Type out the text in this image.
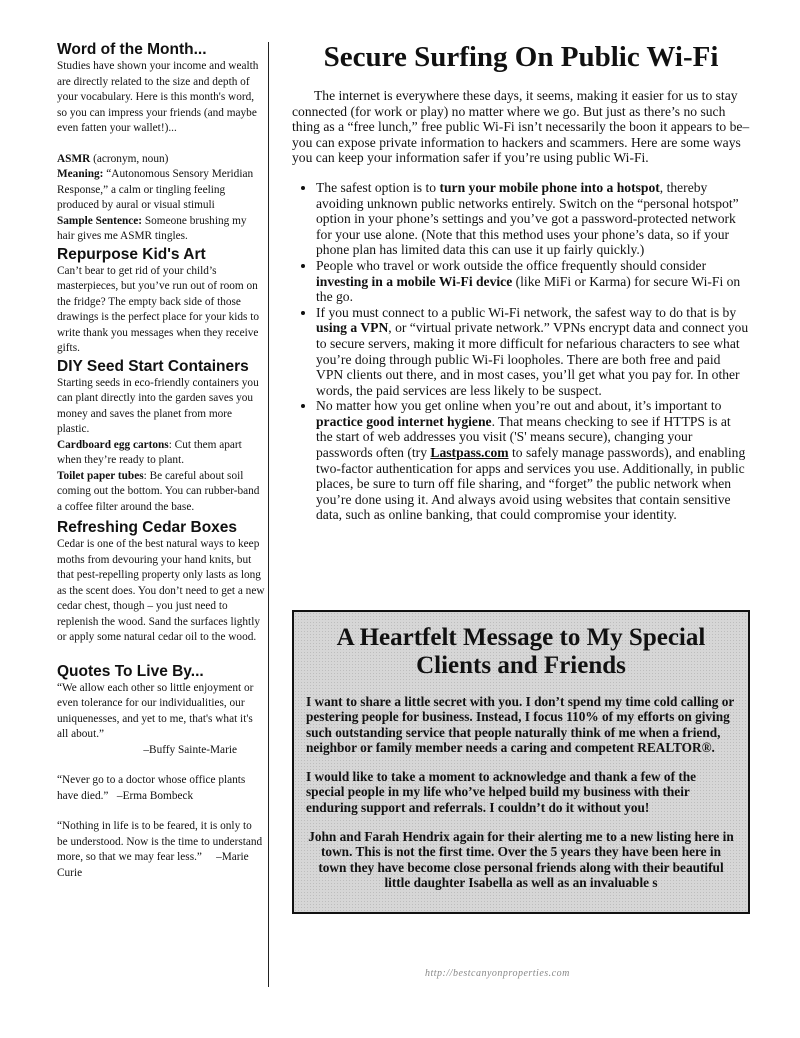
Word of the Month...

Studies have shown your income and wealth are directly related to the size and depth of your vocabulary. Here is this month's word, so you can impress your friends (and maybe even fatten your wallet!)...

ASMR (acronym, noun)

Meaning: “Autonomous Sensory Meridian Response,” a calm or tingling feeling produced by aural or visual stimuli

Sample Sentence: Someone brushing my hair gives me ASMR tingles.

Repurpose Kid's Art

Can’t bear to get rid of your child’s masterpieces, but you’ve run out of room on the fridge? The empty back side of those drawings is the perfect place for your kids to write thank you messages when they receive gifts.

DIY Seed Start Containers

Starting seeds in eco-friendly containers you can plant directly into the garden saves you money and saves the planet from more plastic.

Cardboard egg cartons: Cut them apart when they’re ready to plant.

Toilet paper tubes: Be careful about soil coming out the bottom. You can rubber-band a coffee filter around the base.

Refreshing Cedar Boxes

Cedar is one of the best natural ways to keep moths from devouring your hand knits, but that pest-repelling property only lasts as long as the scent does. You don’t need to get a new cedar chest, though – you just need to replenish the wood. Sand the surfaces lightly or apply some natural cedar oil to the wood.

Quotes To Live By...

“We allow each other so little enjoyment or even tolerance for our individualities, our uniquenesses, and yet to me, that's what it's all about.”

–Buffy Sainte-Marie

“Never go to a doctor whose office plants have died.” –Erma Bombeck

“Nothing in life is to be feared, it is only to be understood. Now is the time to understand more, so that we may fear less.” –Marie Curie

Secure Surfing On Public Wi-Fi

The internet is everywhere these days, it seems, making it easier for us to stay connected (for work or play) no matter where we go. But just as there’s no such thing as a “free lunch,” free public Wi-Fi isn’t necessarily the boon it appears to be–you can expose private information to hackers and scammers. Here are some ways you can keep your information safer if you’re using public Wi-Fi.

• The safest option is to turn your mobile phone into a hotspot, thereby avoiding unknown public networks entirely. Switch on the “personal hotspot” option in your phone’s settings and you’ve got a password-protected network for your use alone. (Note that this method uses your phone’s data, so if your phone plan has limited data this can use it up fairly quickly.)
• People who travel or work outside the office frequently should consider investing in a mobile Wi-Fi device (like MiFi or Karma) for secure Wi-Fi on the go.
• If you must connect to a public Wi-Fi network, the safest way to do that is by using a VPN, or “virtual private network.” VPNs encrypt data and connect you to secure servers, making it more difficult for nefarious characters to see what you’re doing through public Wi-Fi loopholes. There are both free and paid VPN clients out there, and in most cases, you’ll get what you pay for. In other words, the paid services are less likely to be suspect.
• No matter how you get online when you’re out and about, it’s important to practice good internet hygiene. That means checking to see if HTTPS is at the start of web addresses you visit ('S' means secure), changing your passwords often (try Lastpass.com to safely manage passwords), and enabling two-factor authentication for apps and services you use. Additionally, in public places, be sure to turn off file sharing, and “forget” the public network when you’re done using it. And always avoid using websites that contain sensitive data, such as online banking, that could compromise your identity.
A Heartfelt Message to My Special Clients and Friends

I want to share a little secret with you. I don’t spend my time cold calling or pestering people for business. Instead, I focus 110% of my efforts on giving such outstanding service that people naturally think of me when a friend, neighbor or family member needs a caring and competent REALTOR®.

I would like to take a moment to acknowledge and thank a few of the special people in my life who’ve helped build my business with their enduring support and referrals. I couldn’t do it without you!

John and Farah Hendrix again for their alerting me to a new listing here in town. This is not the first time. Over the 5 years they have been here in town they have become close personal friends along with their beautiful little daughter Isabella as well as an invaluable s

http://bestcanyonproperties.com
